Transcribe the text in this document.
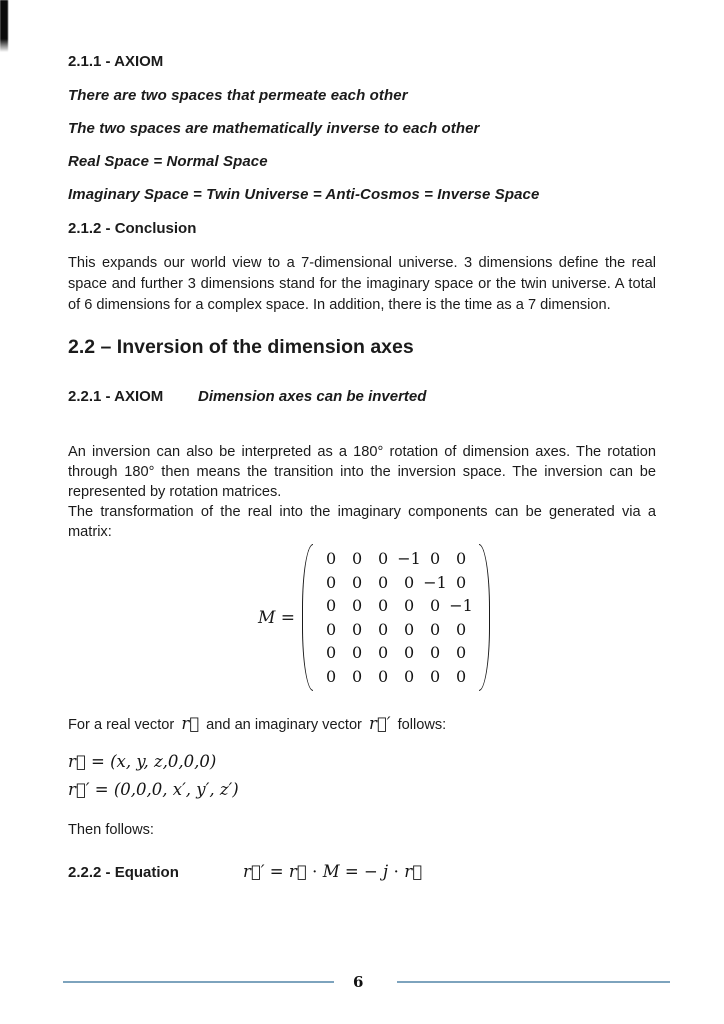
2.1.1 - AXIOM

There are two spaces that permeate each other

The two spaces are mathematically inverse to each other

Real Space = Normal Space

Imaginary Space = Twin Universe = Anti-Cosmos = Inverse Space

2.1.2 - Conclusion

This expands our world view to a 7-dimensional universe. 3 dimensions define the real space and further 3 dimensions stand for the imaginary space or the twin universe. A total of 6 dimensions for a complex space. In addition, there is the time as a 7 dimension.

2.2 – Inversion of the dimension axes

2.2.1 - AXIOM Dimension axes can be inverted

An inversion can also be interpreted as a 180° rotation of dimension axes. The rotation through 180° then means the transition into the inversion space. The inversion can be represented by rotation matrices.

The transformation of the real into the imaginary components can be generated via a matrix:

M =
0 0 0 −1 0 0
0 0 0 0 −1 0
0 0 0 0 0 −1
0 0 0 0 0 0
0 0 0 0 0 0
0 0 0 0 0 0

For a real vector r⃗ and an imaginary vector r⃗′ follows:

r⃗ = (x, y, z,0,0,0)

r⃗′ = (0,0,0, x′, y′, z′)

Then follows:

2.2.2 - Equation	r⃗′ = r⃗ ⋅ M = − j ⋅ r⃗
6
